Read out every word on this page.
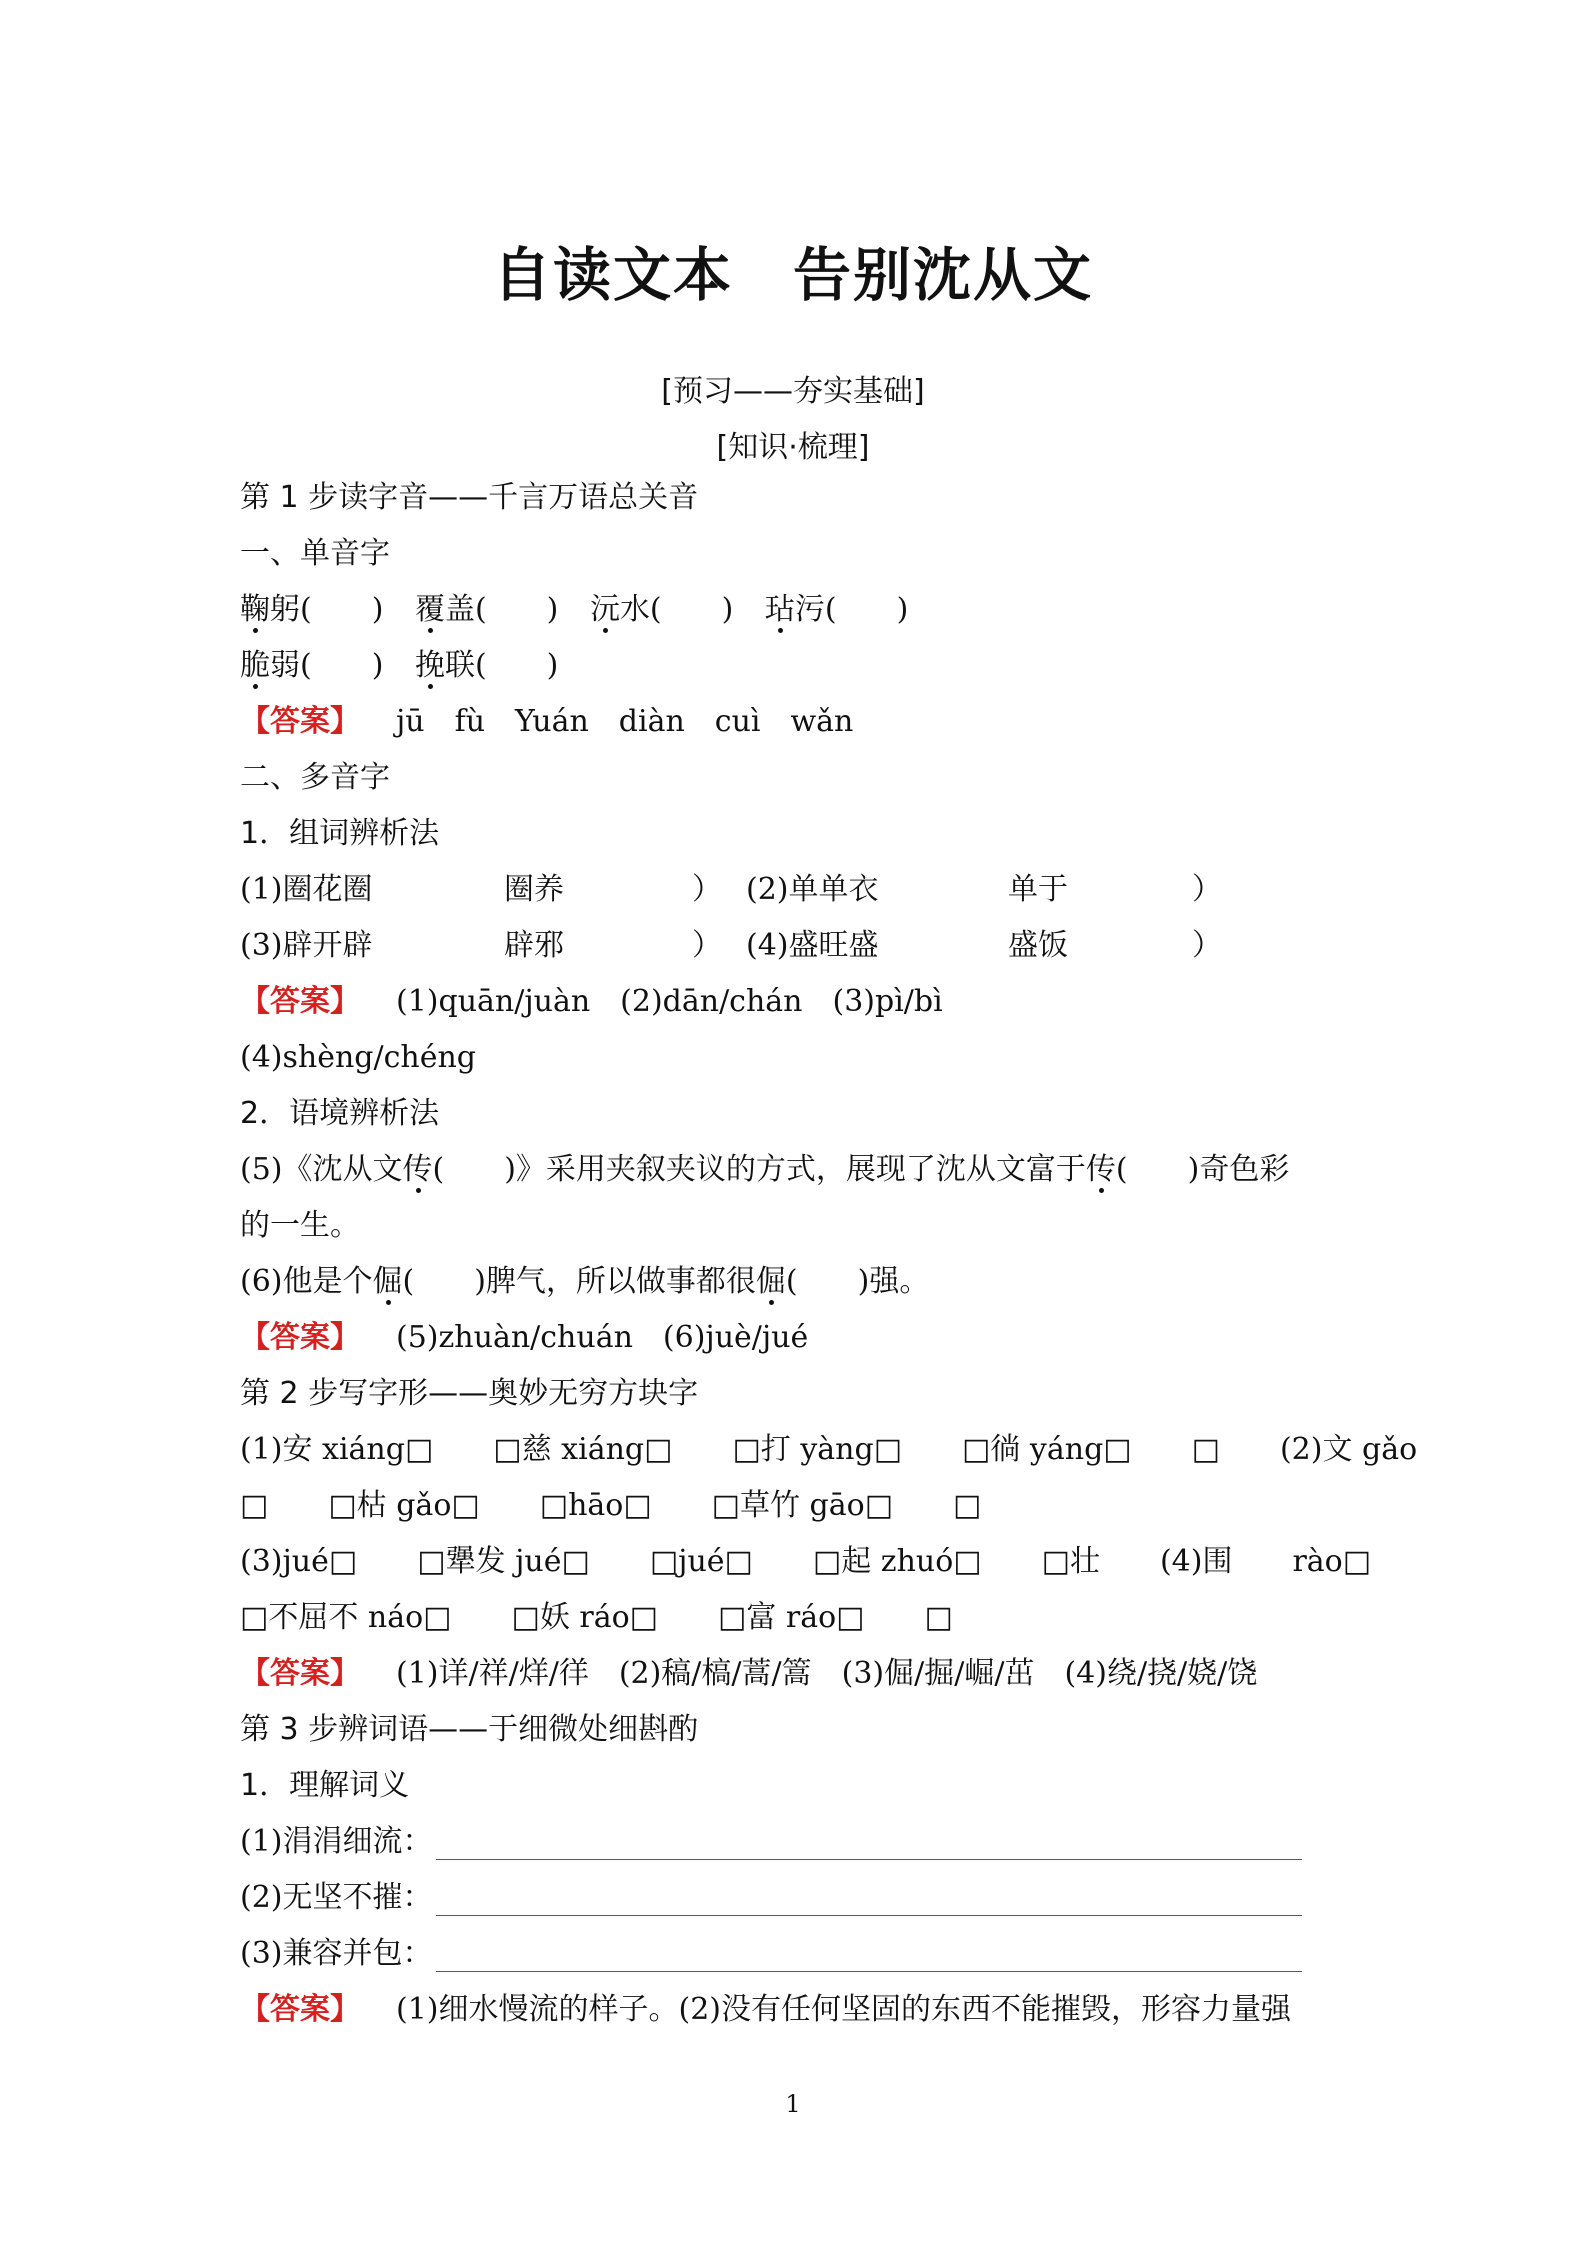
自读文本　告别沈从文
[预习——夯实基础]
[知识·梳理]
第 1 步读字音——千言万语总关音
一、单音字
鞠躬(　　) 覆盖(　　) 沅水(　　) 玷污(　　)
脆弱(　　) 挽联(　　)
【答案】 jū　fù　Yuán　diàn　cuì　wǎn
二、多音字
1．组词辨析法
(1)圈花圈	圈养	） (2)单单衣	单于	）
(3)辟开辟	辟邪	） (4)盛旺盛	盛饭	）
【答案】 (1)quān/juàn　(2)dān/chán　(3)pì/bì
(4)shèng/chéng
2．语境辨析法
(5)《沈从文传(　　)》采用夹叙夹议的方式，展现了沈从文富于传(　　)奇色彩
的一生。
(6)他是个倔(　　)脾气，所以做事都很倔(　　)强。
【答案】 (5)zhuàn/chuán　(6)juè/jué
第 2 步写字形——奥妙无穷方块字
(1)安 xiáng□　　□慈 xiáng□　　□打 yàng□　　□徜 yáng□　　□　　(2)文 gǎo
□　　□枯 gǎo□　　□hāo□　　□草竹 gāo□　　□
(3)jué□　　□犟发 jué□　　□jué□　　□起 zhuó□　　□壮　　(4)围　　rào□
□不屈不 náo□　　□妖 ráo□　　□富 ráo□　　□
【答案】 (1)详/祥/烊/徉　(2)稿/槁/蒿/篙　(3)倔/掘/崛/茁　(4)绕/挠/娆/饶
第 3 步辨词语——于细微处细斟酌
1．理解词义
(1)涓涓细流：
(2)无坚不摧：
(3)兼容并包：
【答案】 (1)细水慢流的样子。(2)没有任何坚固的东西不能摧毁，形容力量强
1
